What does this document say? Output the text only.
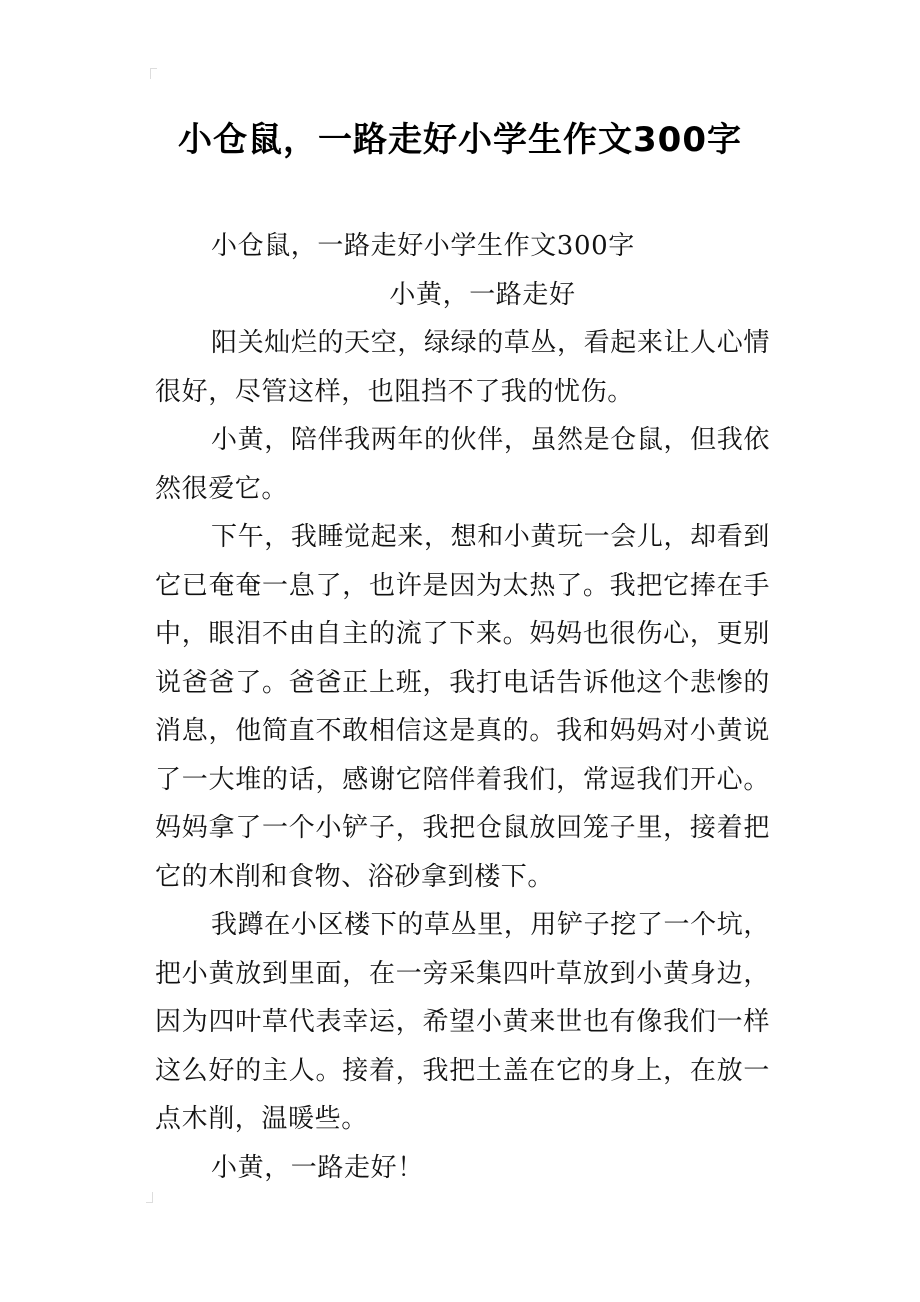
小仓鼠，一路走好小学生作文300字

小仓鼠，一路走好小学生作文300字

小黄，一路走好

阳关灿烂的天空，绿绿的草丛，看起来让人心情很好，尽管这样，也阻挡不了我的忧伤。

小黄，陪伴我两年的伙伴，虽然是仓鼠，但我依然很爱它。

下午，我睡觉起来，想和小黄玩一会儿，却看到它已奄奄一息了，也许是因为太热了。我把它捧在手中，眼泪不由自主的流了下来。妈妈也很伤心，更别说爸爸了。爸爸正上班，我打电话告诉他这个悲惨的消息，他简直不敢相信这是真的。我和妈妈对小黄说了一大堆的话，感谢它陪伴着我们，常逗我们开心。妈妈拿了一个小铲子，我把仓鼠放回笼子里，接着把它的木削和食物、浴砂拿到楼下。

我蹲在小区楼下的草丛里，用铲子挖了一个坑，把小黄放到里面，在一旁采集四叶草放到小黄身边，因为四叶草代表幸运，希望小黄来世也有像我们一样这么好的主人。接着，我把土盖在它的身上，在放一点木削，温暖些。

小黄，一路走好！
